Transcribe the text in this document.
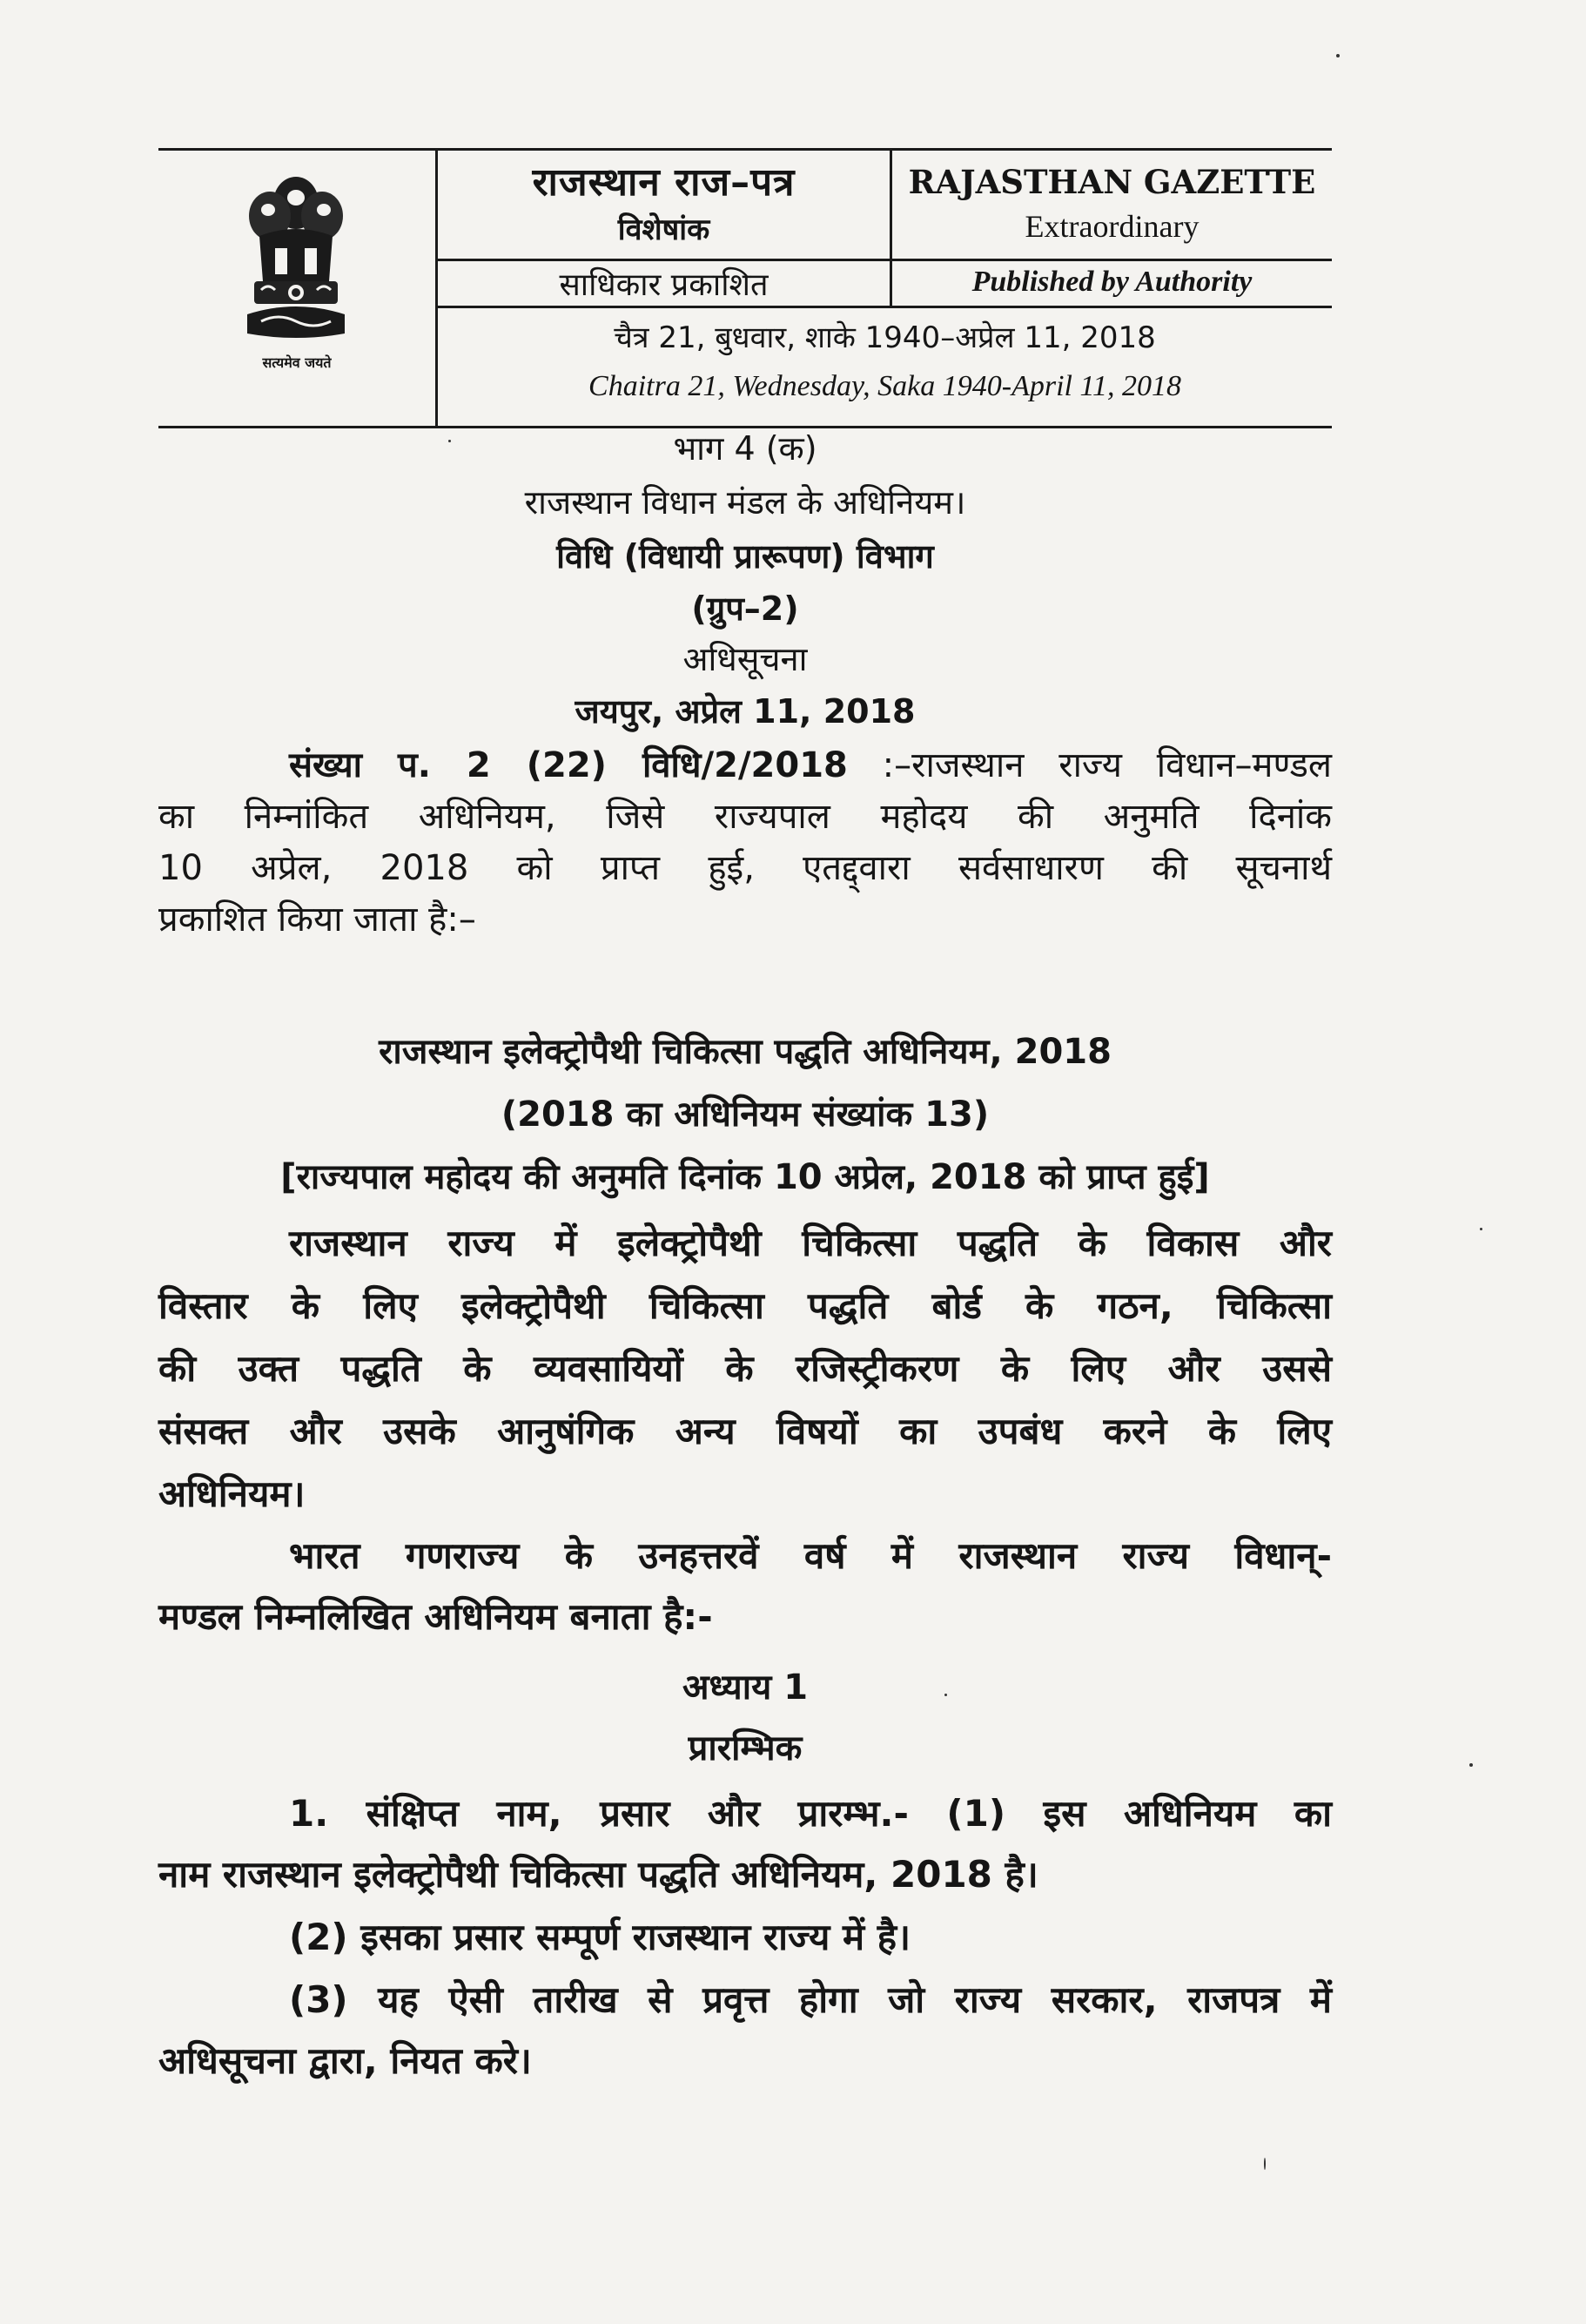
सत्यमेव जयते
राजस्थान राज–पत्र
विशेषांक
RAJASTHAN GAZETTE
Extraordinary
साधिकार प्रकाशित	Published by Authority
चैत्र 21, बुधवार, शाके 1940–अप्रेल 11, 2018
Chaitra 21, Wednesday, Saka 1940-April 11, 2018
भाग 4 (क)
राजस्थान विधान मंडल के अधिनियम।
विधि (विधायी प्रारूपण) विभाग
(ग्रुप–2)
अधिसूचना
जयपुर, अप्रेल 11, 2018

संख्या प. 2 (22) विधि/2/2018 :–राजस्थान राज्य विधान–मण्डल

का निम्नांकित अधिनियम, जिसे राज्यपाल महोदय की अनुमति दिनांक

10 अप्रेल, 2018 को प्राप्त हुई, एतद्द्वारा सर्वसाधारण की सूचनार्थ

प्रकाशित किया जाता है:–

राजस्थान इलेक्ट्रोपैथी चिकित्सा पद्धति अधिनियम, 2018
(2018 का अधिनियम संख्यांक 13)
[राज्यपाल महोदय की अनुमति दिनांक 10 अप्रेल, 2018 को प्राप्त हुई]

राजस्थान राज्य में इलेक्ट्रोपैथी चिकित्सा पद्धति के विकास और

विस्तार के लिए इलेक्ट्रोपैथी चिकित्सा पद्धति बोर्ड के गठन, चिकित्सा

की उक्त पद्धति के व्यवसायियों के रजिस्ट्रीकरण के लिए और उससे

संसक्त और उसके आनुषंगिक अन्य विषयों का उपबंध करने के लिए

अधिनियम।

भारत गणराज्य के उनहत्तरवें वर्ष में राजस्थान राज्य विधान्-

मण्डल निम्नलिखित अधिनियम बनाता है:-

अध्याय 1
प्रारम्भिक

1. संक्षिप्त नाम, प्रसार और प्रारम्भ.- (1) इस अधिनियम का

नाम राजस्थान इलेक्ट्रोपैथी चिकित्सा पद्धति अधिनियम, 2018 है।

(2) इसका प्रसार सम्पूर्ण राजस्थान राज्य में है।

(3) यह ऐसी तारीख से प्रवृत्त होगा जो राज्य सरकार, राजपत्र में

अधिसूचना द्वारा, नियत करे।
